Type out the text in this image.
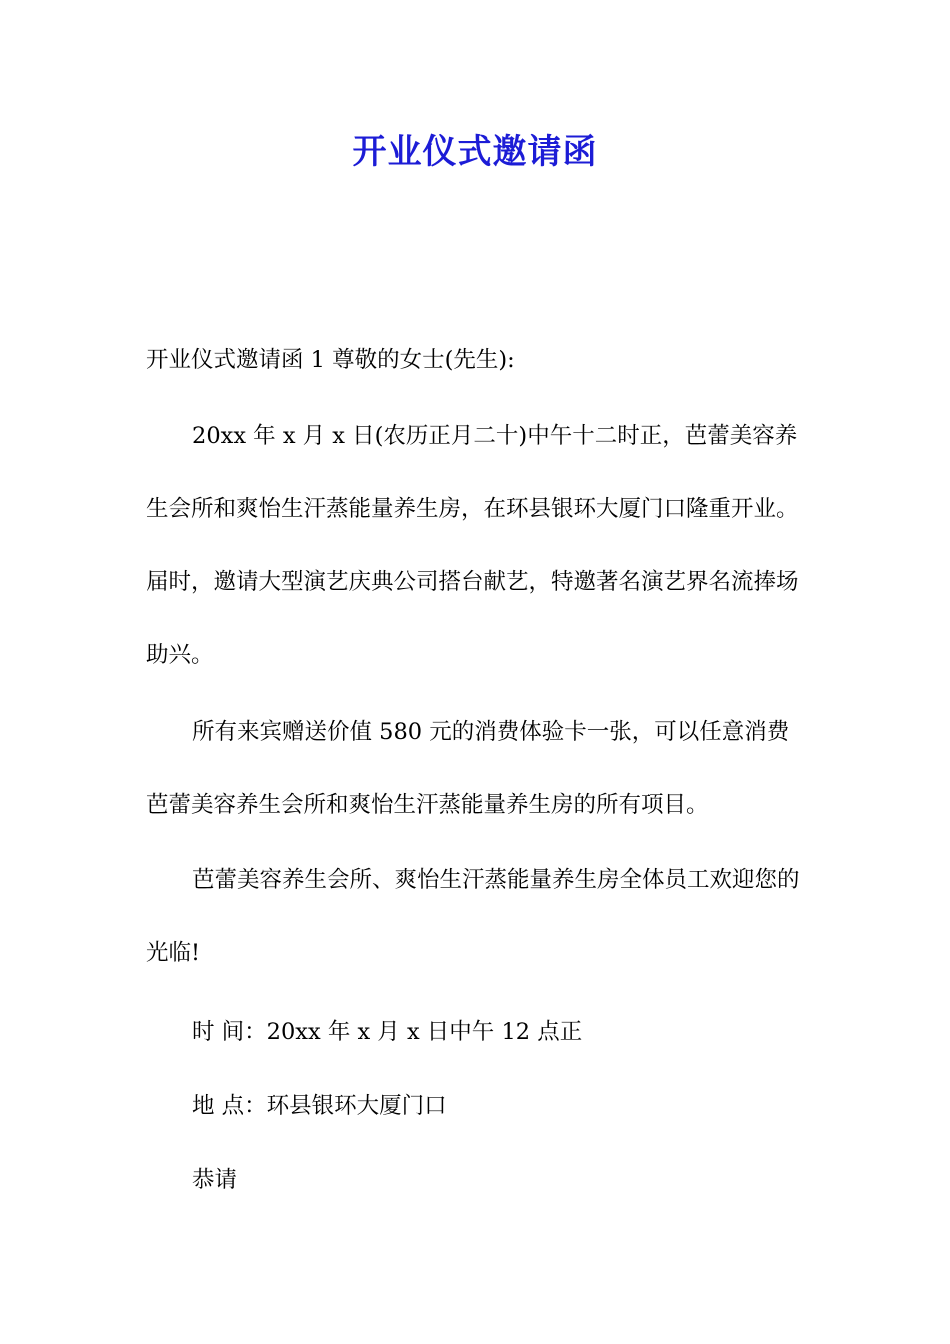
开业仪式邀请函
开业仪式邀请函 1 尊敬的女士(先生):

20xx 年 x 月 x 日(农历正月二十)中午十二时正，芭蕾美容养生会所和爽怡生汗蒸能量养生房，在环县银环大厦门口隆重开业。届时，邀请大型演艺庆典公司搭台献艺，特邀著名演艺界名流捧场助兴。

所有来宾赠送价值 580 元的消费体验卡一张，可以任意消费芭蕾美容养生会所和爽怡生汗蒸能量养生房的所有项目。

芭蕾美容养生会所、爽怡生汗蒸能量养生房全体员工欢迎您的光临!

时 间：20xx 年 x 月 x 日中午 12 点正
地 点：环县银环大厦门口
恭请
